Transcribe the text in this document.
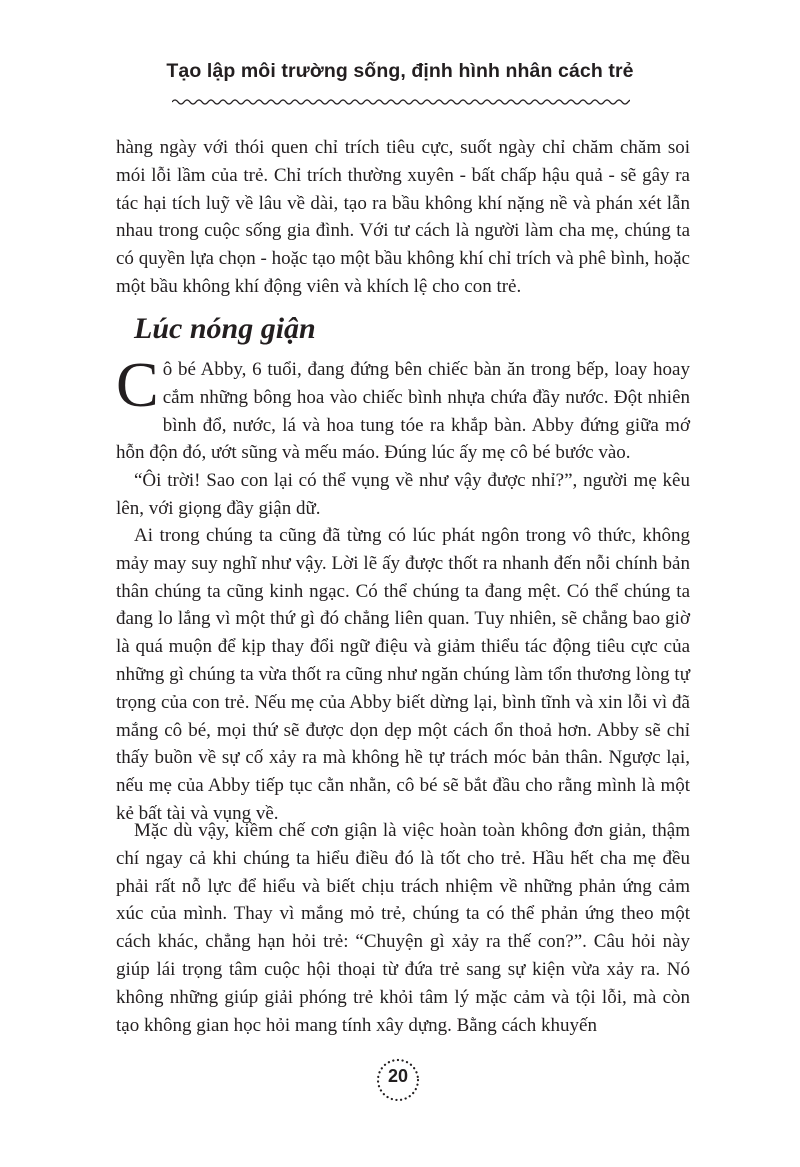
Tạo lập môi trường sống, định hình nhân cách trẻ

hàng ngày với thói quen chỉ trích tiêu cực, suốt ngày chỉ chăm chăm soi mói lỗi lầm của trẻ. Chỉ trích thường xuyên - bất chấp hậu quả - sẽ gây ra tác hại tích luỹ về lâu về dài, tạo ra bầu không khí nặng nề và phán xét lẫn nhau trong cuộc sống gia đình. Với tư cách là người làm cha mẹ, chúng ta có quyền lựa chọn - hoặc tạo một bầu không khí chỉ trích và phê bình, hoặc một bầu không khí động viên và khích lệ cho con trẻ.

Lúc nóng giận

Cô bé Abby, 6 tuổi, đang đứng bên chiếc bàn ăn trong bếp, loay hoay cắm những bông hoa vào chiếc bình nhựa chứa đầy nước. Đột nhiên bình đổ, nước, lá và hoa tung tóe ra khắp bàn. Abby đứng giữa mớ hỗn độn đó, ướt sũng và mếu máo. Đúng lúc ấy mẹ cô bé bước vào.

“Ôi trời! Sao con lại có thể vụng về như vậy được nhỉ?”, người mẹ kêu lên, với giọng đầy giận dữ.

Ai trong chúng ta cũng đã từng có lúc phát ngôn trong vô thức, không mảy may suy nghĩ như vậy. Lời lẽ ấy được thốt ra nhanh đến nỗi chính bản thân chúng ta cũng kinh ngạc. Có thể chúng ta đang mệt. Có thể chúng ta đang lo lắng vì một thứ gì đó chẳng liên quan. Tuy nhiên, sẽ chẳng bao giờ là quá muộn để kịp thay đổi ngữ điệu và giảm thiểu tác động tiêu cực của những gì chúng ta vừa thốt ra cũng như ngăn chúng làm tổn thương lòng tự trọng của con trẻ. Nếu mẹ của Abby biết dừng lại, bình tĩnh và xin lỗi vì đã mắng cô bé, mọi thứ sẽ được dọn dẹp một cách ổn thoả hơn. Abby sẽ chỉ thấy buồn về sự cố xảy ra mà không hề tự trách móc bản thân. Ngược lại, nếu mẹ của Abby tiếp tục cằn nhằn, cô bé sẽ bắt đầu cho rằng mình là một kẻ bất tài và vụng về.

Mặc dù vậy, kiềm chế cơn giận là việc hoàn toàn không đơn giản, thậm chí ngay cả khi chúng ta hiểu điều đó là tốt cho trẻ. Hầu hết cha mẹ đều phải rất nỗ lực để hiểu và biết chịu trách nhiệm về những phản ứng cảm xúc của mình. Thay vì mắng mỏ trẻ, chúng ta có thể phản ứng theo một cách khác, chẳng hạn hỏi trẻ: “Chuyện gì xảy ra thế con?”. Câu hỏi này giúp lái trọng tâm cuộc hội thoại từ đứa trẻ sang sự kiện vừa xảy ra. Nó không những giúp giải phóng trẻ khỏi tâm lý mặc cảm và tội lỗi, mà còn tạo không gian học hỏi mang tính xây dựng. Bằng cách khuyến

20
